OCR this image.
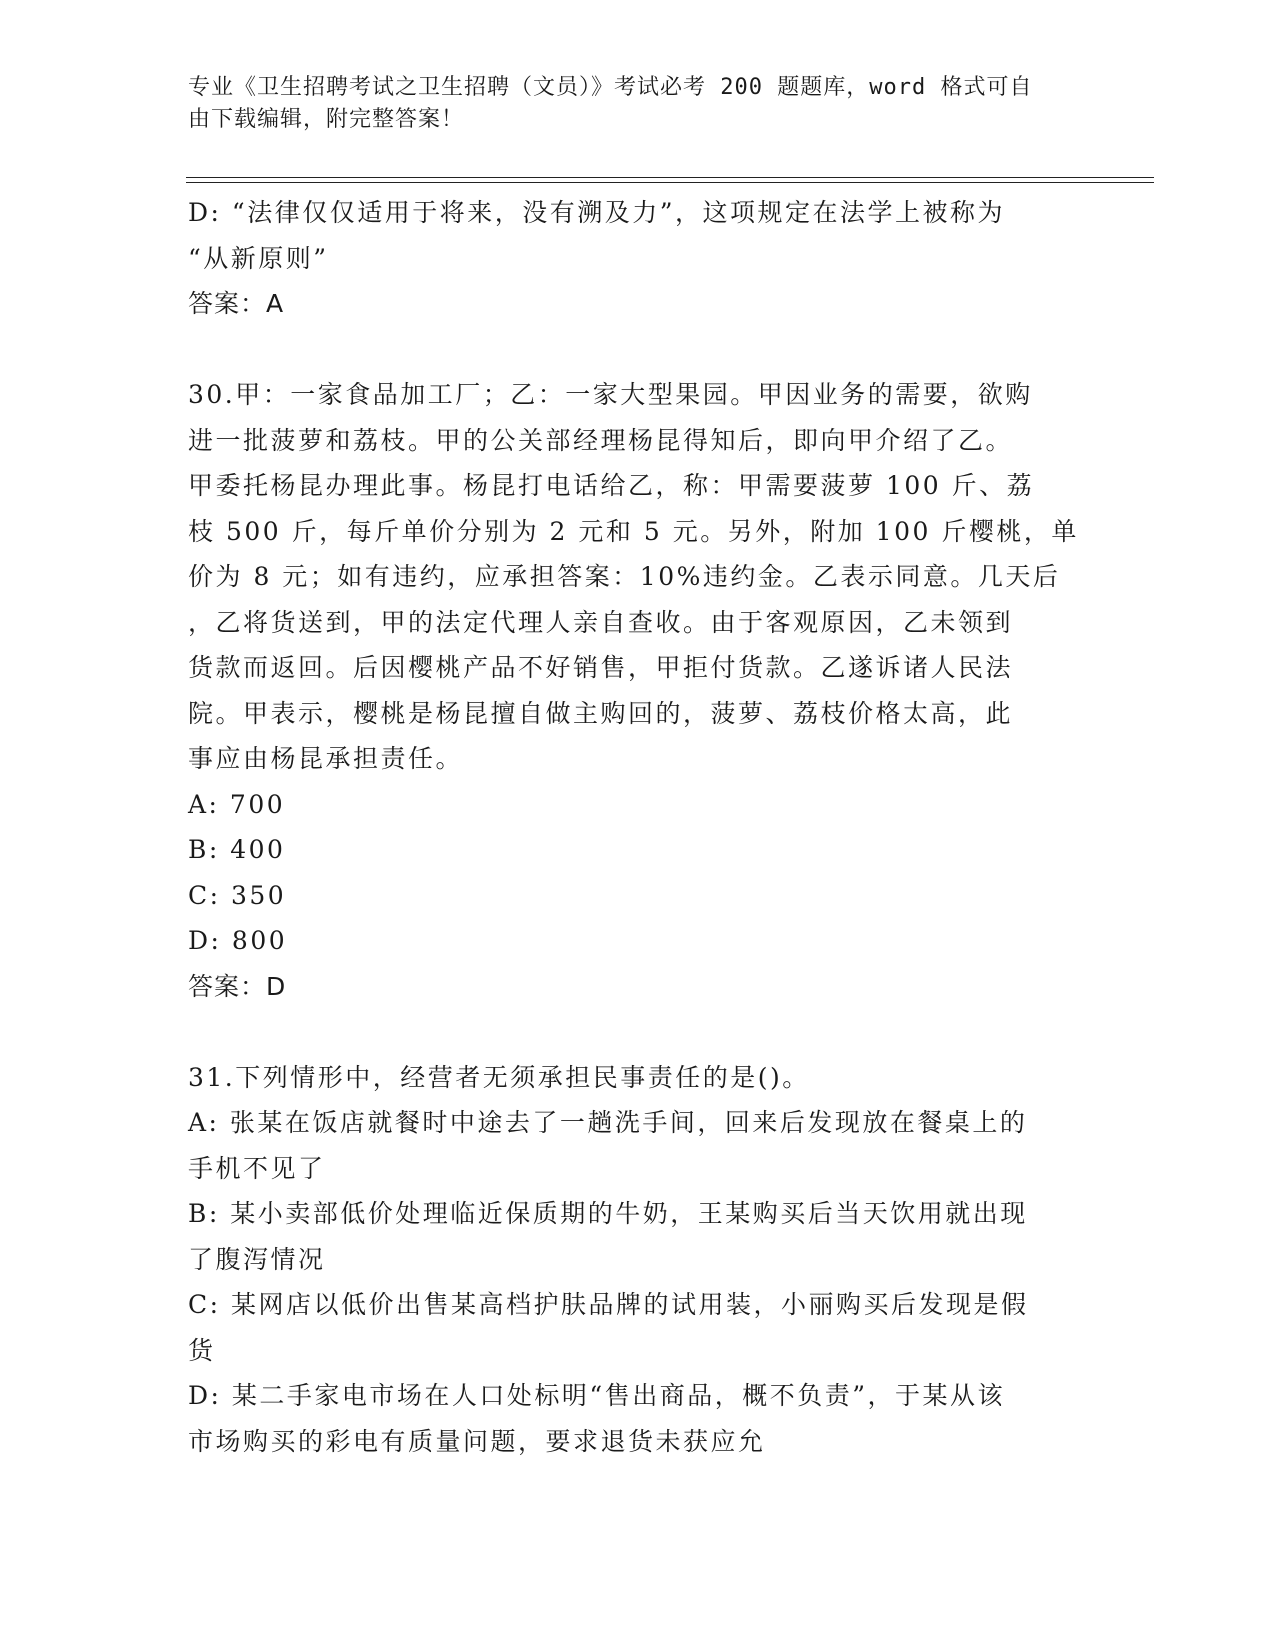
专业《卫生招聘考试之卫生招聘（文员）》考试必考 200 题题库，word 格式可自
由下载编辑，附完整答案！
D: “法律仅仅适用于将来，没有溯及力”，这项规定在法学上被称为
“从新原则”
答案：A
30.甲：一家食品加工厂；乙：一家大型果园。甲因业务的需要，欲购
进一批菠萝和荔枝。甲的公关部经理杨昆得知后，即向甲介绍了乙。
甲委托杨昆办理此事。杨昆打电话给乙，称：甲需要菠萝 100 斤、荔
枝 500 斤，每斤单价分别为 2 元和 5 元。另外，附加 100 斤樱桃，单
价为 8 元；如有违约，应承担答案：10%违约金。乙表示同意。几天后
，乙将货送到，甲的法定代理人亲自查收。由于客观原因，乙未领到
货款而返回。后因樱桃产品不好销售，甲拒付货款。乙遂诉诸人民法
院。甲表示，樱桃是杨昆擅自做主购回的，菠萝、荔枝价格太高，此
事应由杨昆承担责任。
A: 700
B: 400
C: 350
D: 800
答案：D
31.下列情形中，经营者无须承担民事责任的是()。
A: 张某在饭店就餐时中途去了一趟洗手间，回来后发现放在餐桌上的
手机不见了
B: 某小卖部低价处理临近保质期的牛奶，王某购买后当天饮用就出现
了腹泻情况
C: 某网店以低价出售某高档护肤品牌的试用装，小丽购买后发现是假
货
D: 某二手家电市场在人口处标明“售出商品，概不负责”，于某从该
市场购买的彩电有质量问题，要求退货未获应允
